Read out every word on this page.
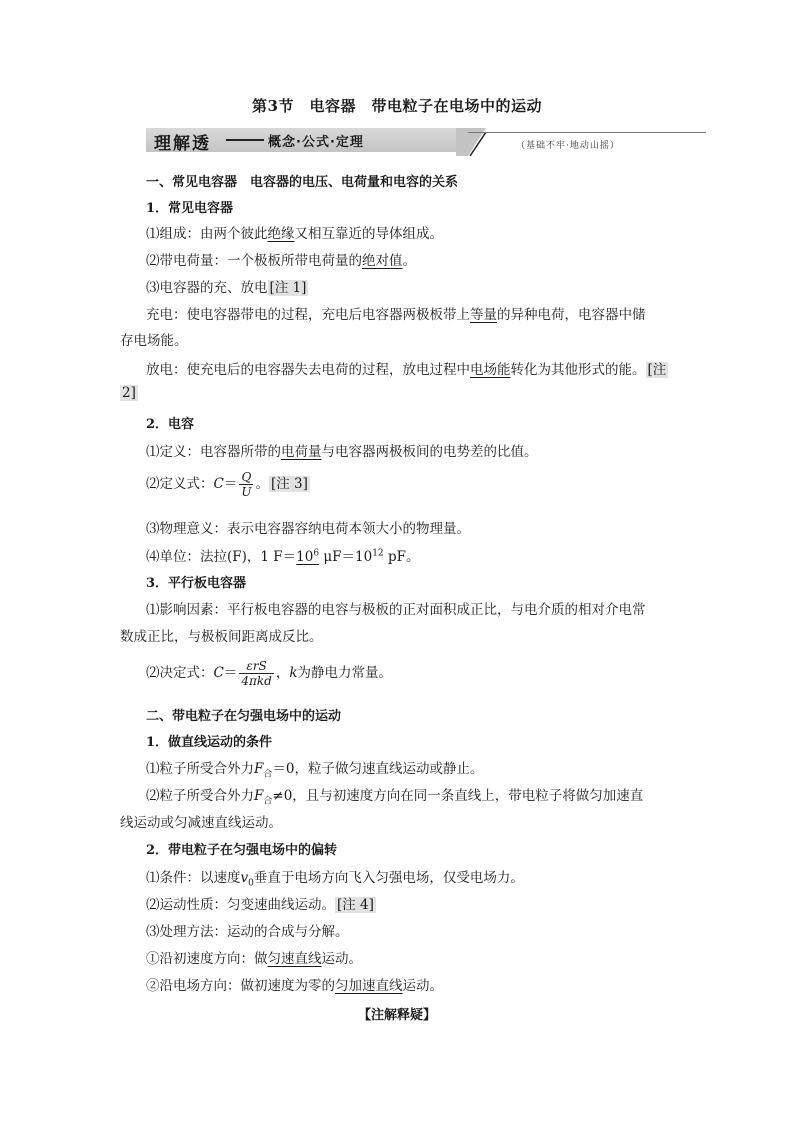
第3节　电容器　带电粒子在电场中的运动
理解透	概念·公式·定理	（基础不牢·地动山摇）
一、常见电容器　电容器的电压、电荷量和电容的关系
1．常见电容器
⑴组成：由两个彼此绝缘又相互靠近的导体组成。
⑵带电荷量：一个极板所带电荷量的绝对值。
⑶电容器的充、放电 [注 1]
充电：使电容器带电的过程，充电后电容器两极板带上等量的异种电荷，电容器中储
存电场能。
放电：使充电后的电容器失去电荷的过程，放电过程中电场能转化为其他形式的能。 [注
2]
2．电容
⑴定义：电容器所带的电荷量与电容器两极板间的电势差的比值。
⑵定义式：$C= \frac{Q}{U}$ 。 [注 3]
⑶物理意义：表示电容器容纳电荷本领大小的物理量。
⑷单位：法拉(F)，1 $F=10^6$ $\mu F=10^{12}$ pF。
3．平行板电容器
⑴影响因素：平行板电容器的电容与极板的正对面积成正比，与电介质的相对介电常
数成正比，与极板间距离成反比。
⑵决定式：$C= \frac{\text{εrS}}{\text{4πkd}}$ ，k为静电力常量。
二、带电粒子在匀强电场中的运动
1．做直线运动的条件
⑴粒子所受合外力$F_合=0$，粒子做匀速直线运动或静止。
⑵粒子所受合外力$F_合\ne 0$，且与初速度方向在同一条直线上，带电粒子将做匀加速直
线运动或匀减速直线运动。
2．带电粒子在匀强电场中的偏转
⑴条件：以速度$v_0$垂直于电场方向飞入匀强电场，仅受电场力。
⑵运动性质：匀变速曲线运动。 [注 4]
⑶处理方法：运动的合成与分解。
①沿初速度方向：做匀速直线运动。
②沿电场方向：做初速度为零的匀加速直线运动。
【注解释疑】
